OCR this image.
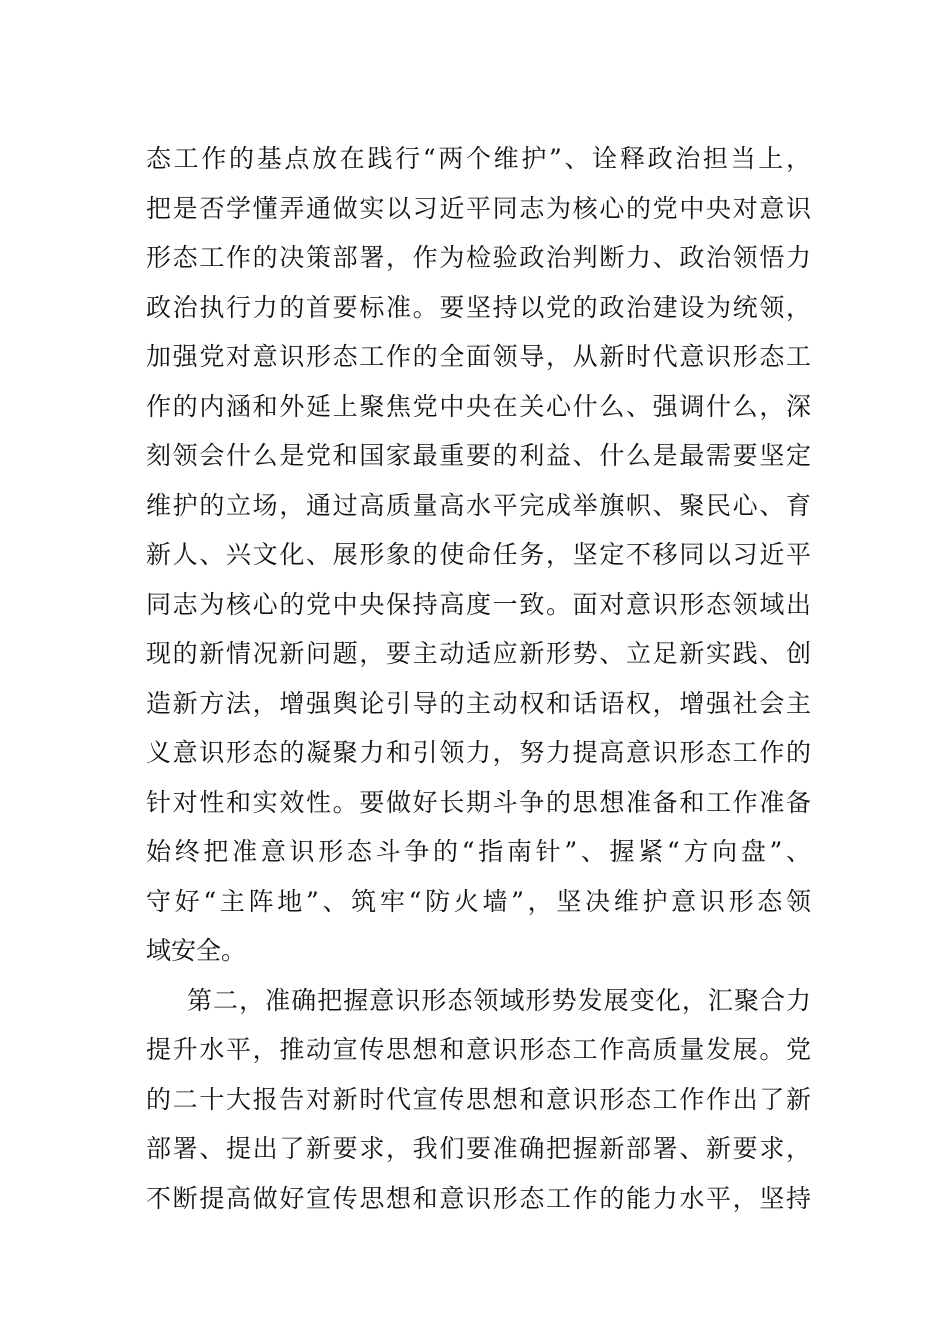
态工作的基点放在践行“两个维护”、诠释政治担当上，
把是否学懂弄通做实以习近平同志为核心的党中央对意识
形态工作的决策部署，作为检验政治判断力、政治领悟力
政治执行力的首要标准。要坚持以党的政治建设为统领，
加强党对意识形态工作的全面领导，从新时代意识形态工
作的内涵和外延上聚焦党中央在关心什么、强调什么，深
刻领会什么是党和国家最重要的利益、什么是最需要坚定
维护的立场，通过高质量高水平完成举旗帜、聚民心、育
新人、兴文化、展形象的使命任务，坚定不移同以习近平
同志为核心的党中央保持高度一致。面对意识形态领域出
现的新情况新问题，要主动适应新形势、立足新实践、创
造新方法，增强舆论引导的主动权和话语权，增强社会主
义意识形态的凝聚力和引领力，努力提高意识形态工作的
针对性和实效性。要做好长期斗争的思想准备和工作准备
始终把准意识形态斗争的“指南针”、握紧“方向盘”、
守好“主阵地”、筑牢“防火墙”，坚决维护意识形态领
域安全。
第二，准确把握意识形态领域形势发展变化，汇聚合力
提升水平，推动宣传思想和意识形态工作高质量发展。党
的二十大报告对新时代宣传思想和意识形态工作作出了新
部署、提出了新要求，我们要准确把握新部署、新要求，
不断提高做好宣传思想和意识形态工作的能力水平，坚持
